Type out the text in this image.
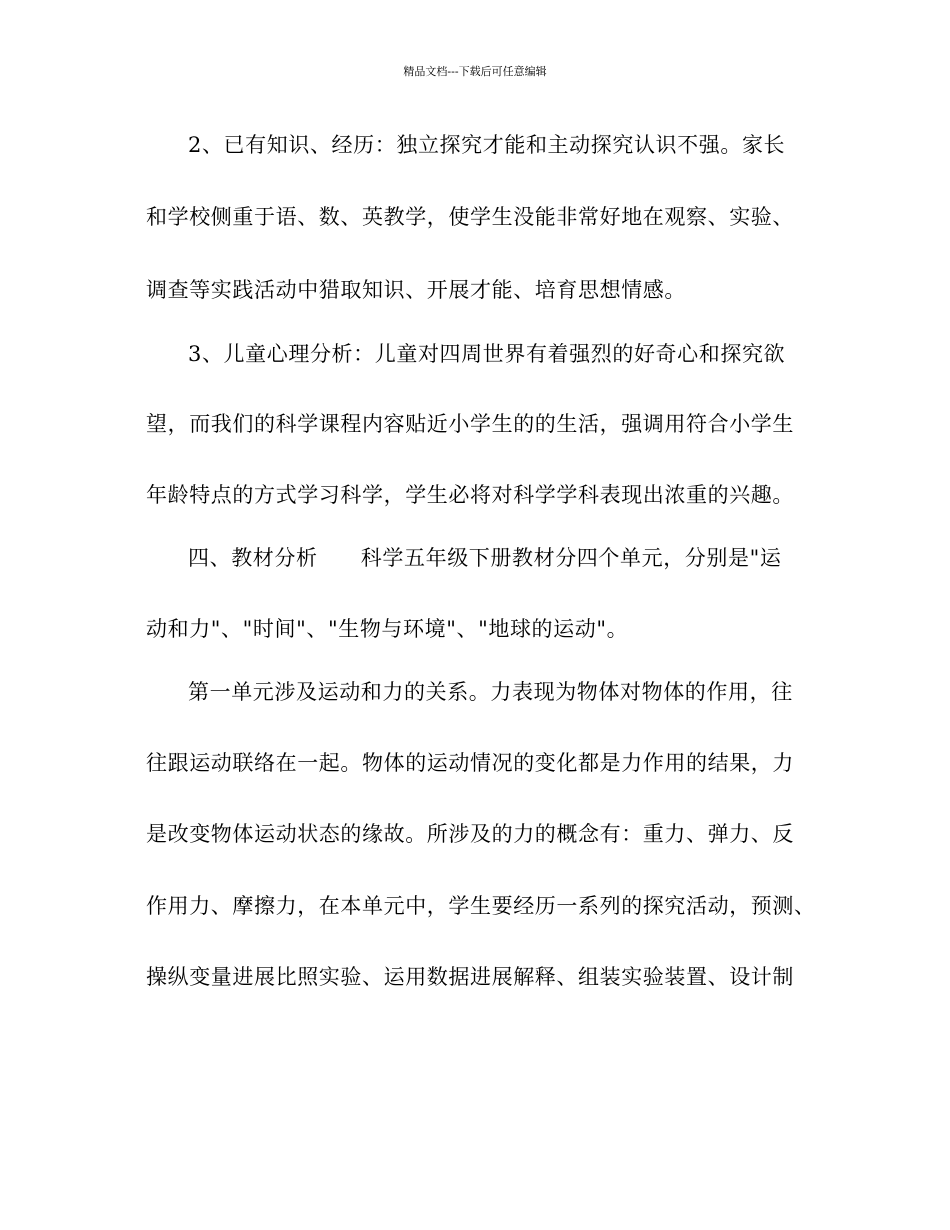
精品文档---下载后可任意编辑
2、已有知识、经历：独立探究才能和主动探究认识不强。家长
和学校侧重于语、数、英教学，使学生没能非常好地在观察、实验、
调查等实践活动中猎取知识、开展才能、培育思想情感。
3、儿童心理分析：儿童对四周世界有着强烈的好奇心和探究欲
望，而我们的科学课程内容贴近小学生的的生活，强调用符合小学生
年龄特点的方式学习科学，学生必将对科学学科表现出浓重的兴趣。
四、教材分析　　科学五年级下册教材分四个单元，分别是"运
动和力"、"时间"、"生物与环境"、"地球的运动"。
第一单元涉及运动和力的关系。力表现为物体对物体的作用，往
往跟运动联络在一起。物体的运动情况的变化都是力作用的结果，力
是改变物体运动状态的缘故。所涉及的力的概念有：重力、弹力、反
作用力、摩擦力，在本单元中，学生要经历一系列的探究活动，预测、
操纵变量进展比照实验、运用数据进展解释、组装实验装置、设计制
